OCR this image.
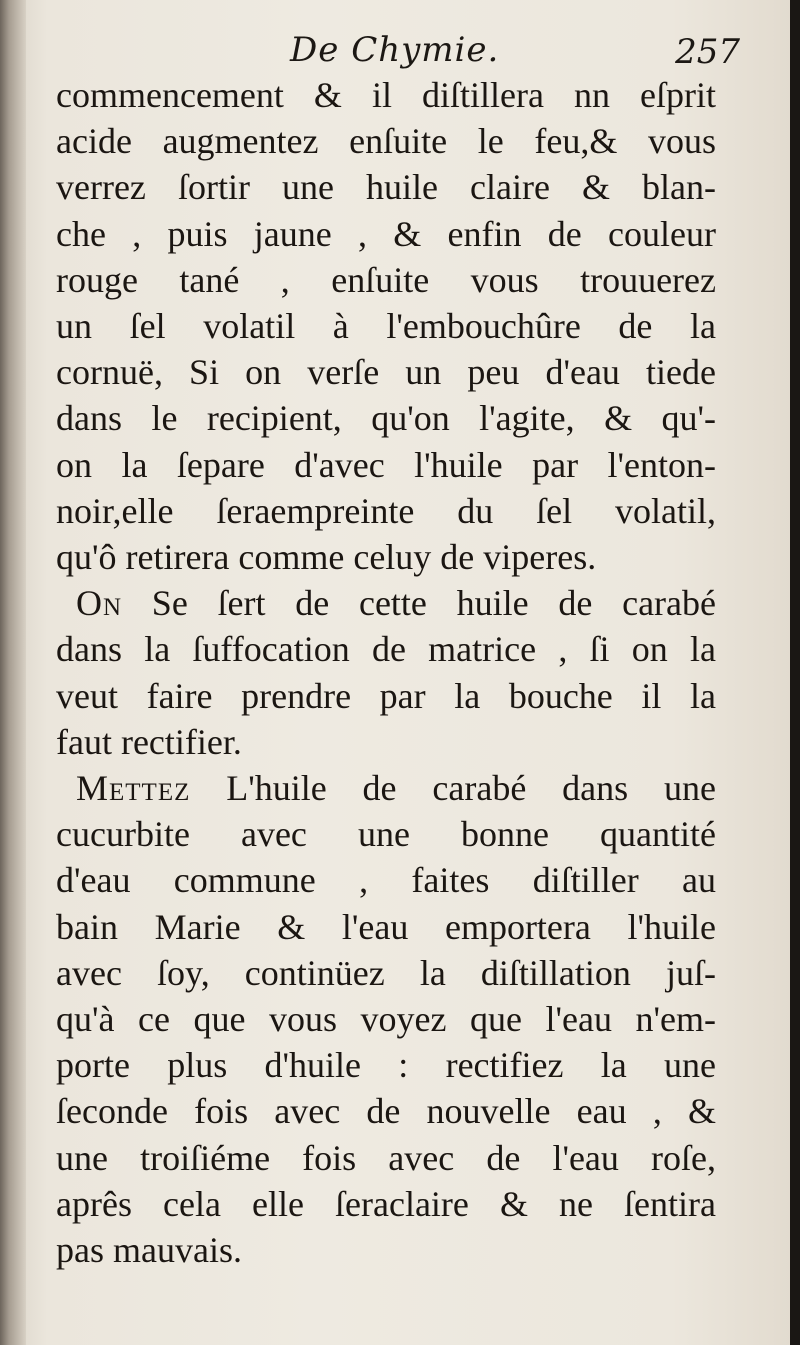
De Chymie.	257
commencement & il diſtillera nn eſprit
acide augmentez enſuite le feu,& vous
verrez ſortir une huile claire & blan-
che , puis jaune , & enfin de couleur
rouge tané , enſuite vous trouuerez
un ſel volatil à l'embouchûre de la
cornuë, Si on verſe un peu d'eau tiede
dans le recipient, qu'on l'agite, & qu'-
on la ſepare d'avec l'huile par l'enton-
noir,elle ſeraempreinte du ſel volatil,
qu'ô retirera comme celuy de viperes.
On Se ſert de cette huile de carabé
dans la ſuffocation de matrice , ſi on la
veut faire prendre par la bouche il la
faut rectifier.
Mettez L'huile de carabé dans une
cucurbite avec une bonne quantité
d'eau commune , faites diſtiller au
bain Marie & l'eau emportera l'huile
avec ſoy, continüez la diſtillation juſ-
qu'à ce que vous voyez que l'eau n'em-
porte plus d'huile : rectifiez la une
ſeconde fois avec de nouvelle eau , &
une troiſiéme fois avec de l'eau roſe,
aprês cela elle ſeraclaire & ne ſentira
pas mauvais.
